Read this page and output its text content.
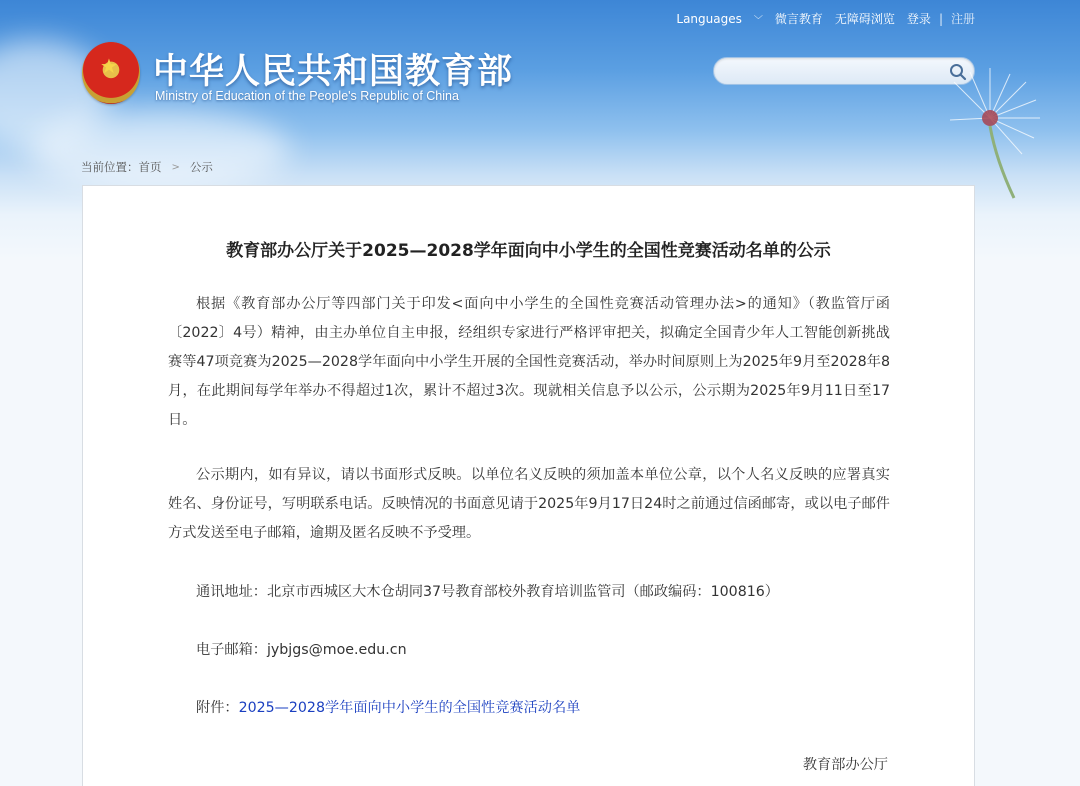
★ 中华人民共和国教育部
Ministry of Education of the People's Republic of China
Languages ﹀ 微言教育 无障碍浏览 登录 | 注册
当前位置： 首页 > 公示
教育部办公厅关于2025—2028学年面向中小学生的全国性竞赛活动名单的公示
根据《教育部办公厅等四部门关于印发<面向中小学生的全国性竞赛活动管理办法>的通知》（教监管厅函〔2022〕4号）精神，由主办单位自主申报，经组织专家进行严格评审把关，拟确定全国青少年人工智能创新挑战赛等47项竞赛为2025—2028学年面向中小学生开展的全国性竞赛活动，举办时间原则上为2025年9月至2028年8月，在此期间每学年举办不得超过1次，累计不超过3次。现就相关信息予以公示，公示期为2025年9月11日至17日。
公示期内，如有异议，请以书面形式反映。以单位名义反映的须加盖本单位公章，以个人名义反映的应署真实姓名、身份证号，写明联系电话。反映情况的书面意见请于2025年9月17日24时之前通过信函邮寄，或以电子邮件方式发送至电子邮箱，逾期及匿名反映不予受理。
通讯地址：北京市西城区大木仓胡同37号教育部校外教育培训监管司（邮政编码：100816）
电子邮箱：jybjgs@moe.edu.cn
附件：2025—2028学年面向中小学生的全国性竞赛活动名单
教育部办公厅
